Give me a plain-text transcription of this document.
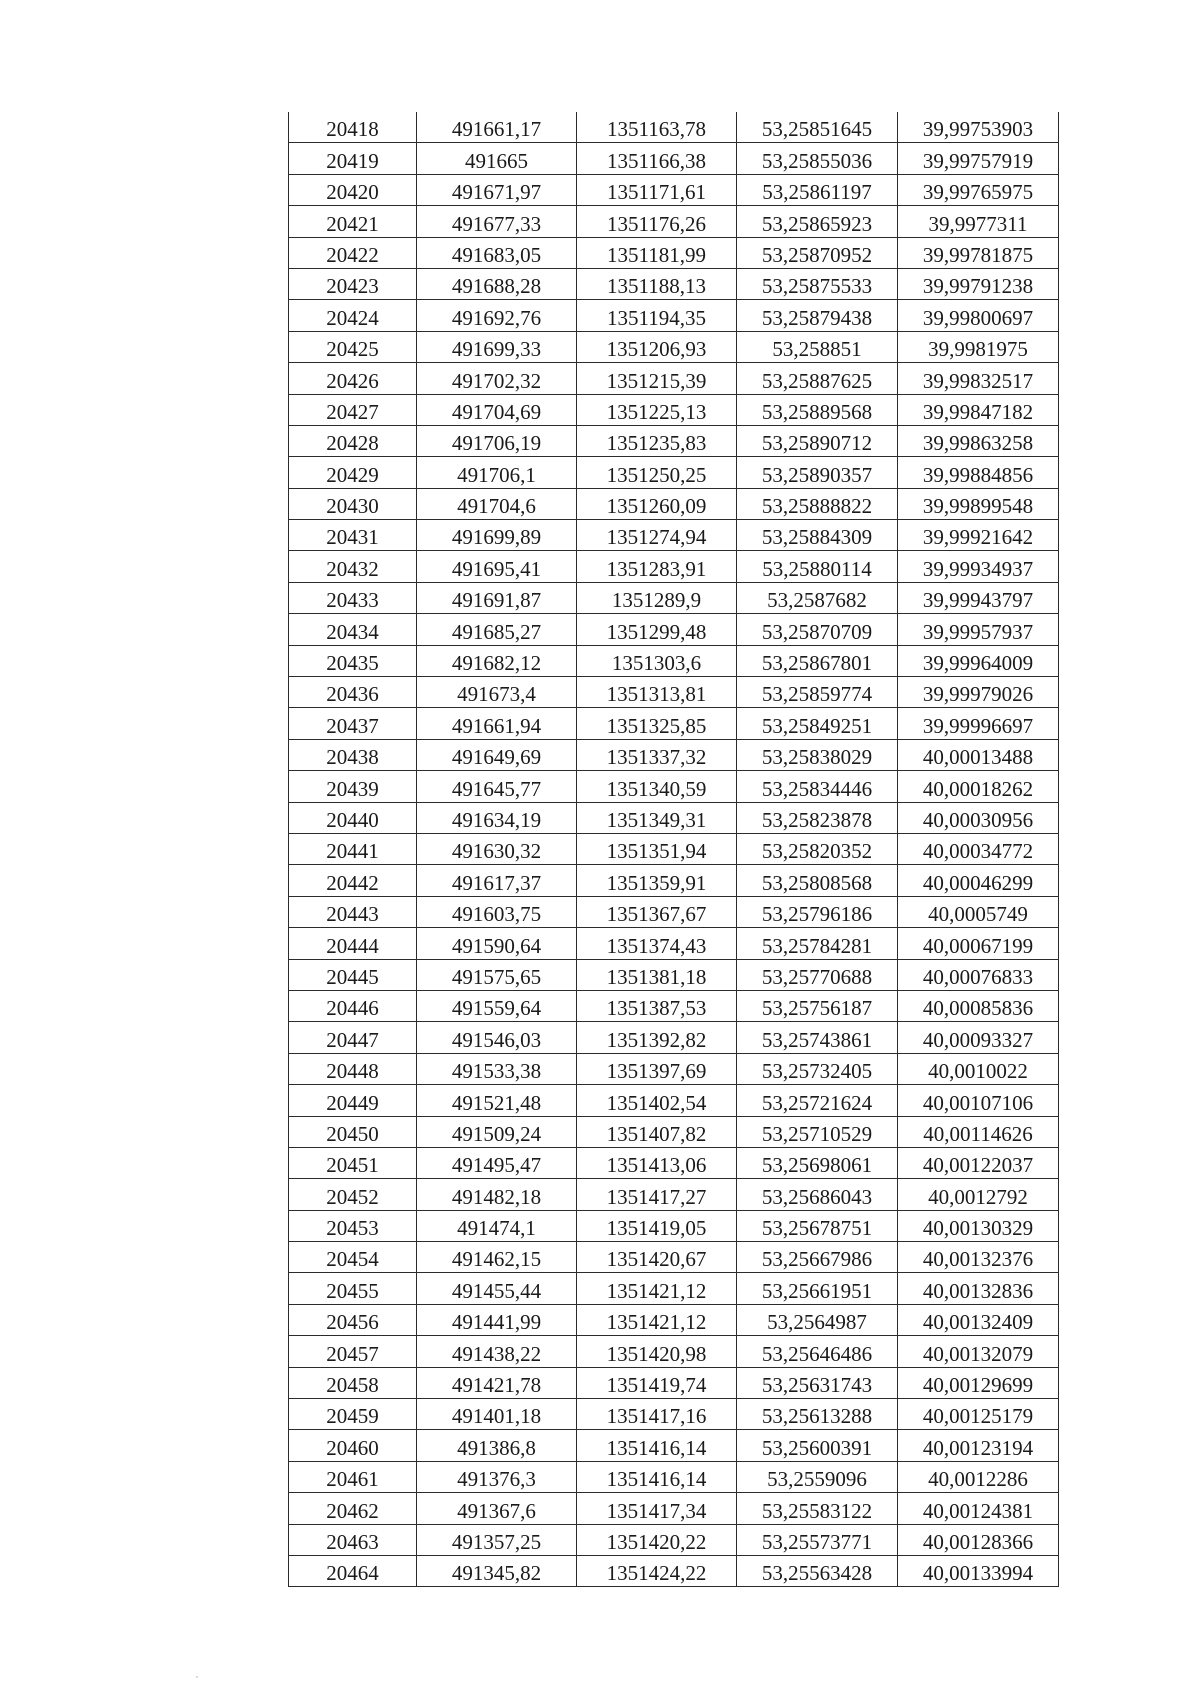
20418	491661,17	1351163,78	53,25851645	39,99753903
20419	491665	1351166,38	53,25855036	39,99757919
20420	491671,97	1351171,61	53,25861197	39,99765975
20421	491677,33	1351176,26	53,25865923	39,9977311
20422	491683,05	1351181,99	53,25870952	39,99781875
20423	491688,28	1351188,13	53,25875533	39,99791238
20424	491692,76	1351194,35	53,25879438	39,99800697
20425	491699,33	1351206,93	53,258851	39,9981975
20426	491702,32	1351215,39	53,25887625	39,99832517
20427	491704,69	1351225,13	53,25889568	39,99847182
20428	491706,19	1351235,83	53,25890712	39,99863258
20429	491706,1	1351250,25	53,25890357	39,99884856
20430	491704,6	1351260,09	53,25888822	39,99899548
20431	491699,89	1351274,94	53,25884309	39,99921642
20432	491695,41	1351283,91	53,25880114	39,99934937
20433	491691,87	1351289,9	53,2587682	39,99943797
20434	491685,27	1351299,48	53,25870709	39,99957937
20435	491682,12	1351303,6	53,25867801	39,99964009
20436	491673,4	1351313,81	53,25859774	39,99979026
20437	491661,94	1351325,85	53,25849251	39,99996697
20438	491649,69	1351337,32	53,25838029	40,00013488
20439	491645,77	1351340,59	53,25834446	40,00018262
20440	491634,19	1351349,31	53,25823878	40,00030956
20441	491630,32	1351351,94	53,25820352	40,00034772
20442	491617,37	1351359,91	53,25808568	40,00046299
20443	491603,75	1351367,67	53,25796186	40,0005749
20444	491590,64	1351374,43	53,25784281	40,00067199
20445	491575,65	1351381,18	53,25770688	40,00076833
20446	491559,64	1351387,53	53,25756187	40,00085836
20447	491546,03	1351392,82	53,25743861	40,00093327
20448	491533,38	1351397,69	53,25732405	40,0010022
20449	491521,48	1351402,54	53,25721624	40,00107106
20450	491509,24	1351407,82	53,25710529	40,00114626
20451	491495,47	1351413,06	53,25698061	40,00122037
20452	491482,18	1351417,27	53,25686043	40,0012792
20453	491474,1	1351419,05	53,25678751	40,00130329
20454	491462,15	1351420,67	53,25667986	40,00132376
20455	491455,44	1351421,12	53,25661951	40,00132836
20456	491441,99	1351421,12	53,2564987	40,00132409
20457	491438,22	1351420,98	53,25646486	40,00132079
20458	491421,78	1351419,74	53,25631743	40,00129699
20459	491401,18	1351417,16	53,25613288	40,00125179
20460	491386,8	1351416,14	53,25600391	40,00123194
20461	491376,3	1351416,14	53,2559096	40,0012286
20462	491367,6	1351417,34	53,25583122	40,00124381
20463	491357,25	1351420,22	53,25573771	40,00128366
20464	491345,82	1351424,22	53,25563428	40,00133994
